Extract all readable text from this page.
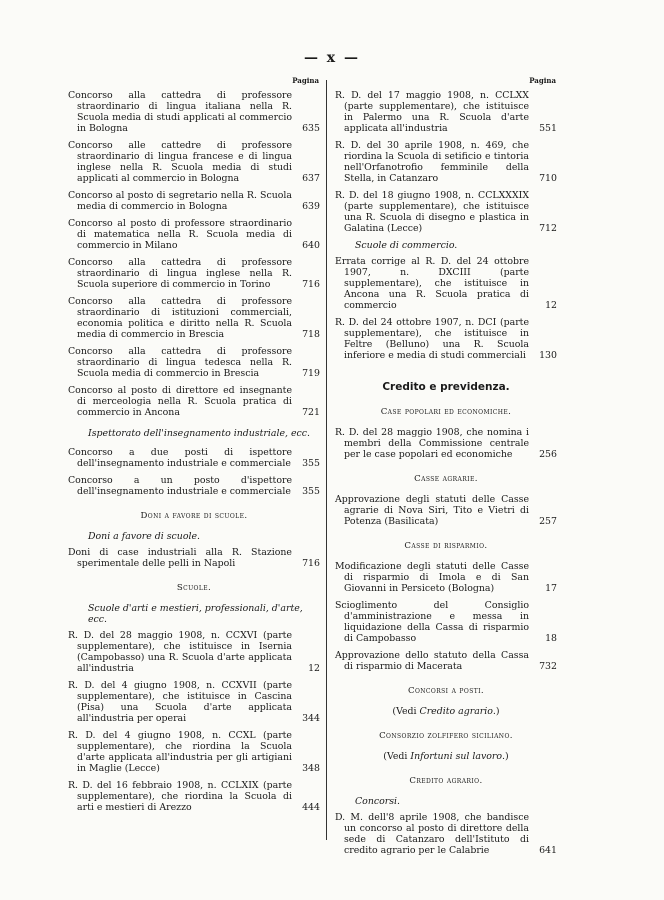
— x —
Pagina
Concorso alla cattedra di professore straordinario di lingua italiana nella R. Scuola media di studi applicati al commercio in Bologna	635
Concorso alle cattedre di professore straordinario di lingua francese e di lingua inglese nella R. Scuola media di studi applicati al commercio in Bologna	637
Concorso al posto di segretario nella R. Scuola media di commercio in Bologna	639
Concorso al posto di professore straordinario di matematica nella R. Scuola media di commercio in Milano	640
Concorso alla cattedra di professore straordinario di lingua inglese nella R. Scuola superiore di commercio in Torino	716
Concorso alla cattedra di professore straordinario di istituzioni commerciali, economia politica e diritto nella R. Scuola media di commercio in Brescia	718
Concorso alla cattedra di professore straordinario di lingua tedesca nella R. Scuola media di commercio in Brescia	719
Concorso al posto di direttore ed insegnante di merceologia nella R. Scuola pratica di commercio in Ancona	721
Ispettorato dell'insegnamento industriale, ecc.
Concorso a due posti di ispettore dell'insegnamento industriale e commerciale	355
Concorso a un posto d'ispettore dell'insegnamento industriale e commerciale	355
Doni a favore di scuole.
Doni a favore di scuole.
Doni di case industriali alla R. Stazione sperimentale delle pelli in Napoli	716
Scuole.
Scuole d'arti e mestieri, professionali, d'arte, ecc.
R. D. del 28 maggio 1908, n. CCXVI (parte supplementare), che istituisce in Isernia (Campobasso) una R. Scuola d'arte applicata all'industria	12
R. D. del 4 giugno 1908, n. CCXVII (parte supplementare), che istituisce in Cascina (Pisa) una Scuola d'arte applicata all'industria per operai	344
R. D. del 4 giugno 1908, n. CCXL (parte supplementare), che riordina la Scuola d'arte applicata all'industria per gli artigiani in Maglie (Lecce)	348
R. D. del 16 febbraio 1908, n. CCLXIX (parte supplementare), che riordina la Scuola di arti e mestieri di Arezzo	444
Pagina
R. D. del 17 maggio 1908, n. CCLXX (parte supplementare), che istituisce in Palermo una R. Scuola d'arte applicata all'industria	551
R. D. del 30 aprile 1908, n. 469, che riordina la Scuola di setificio e tintoria nell'Orfanotrofio femminile della Stella, in Catanzaro	710
R. D. del 18 giugno 1908, n. CCLXXXIX (parte supplementare), che istituisce una R. Scuola di disegno e plastica in Galatina (Lecce)	712
Scuole di commercio.
Errata corrige al R. D. del 24 ottobre 1907, n. DXCIII (parte supplementare), che istituisce in Ancona una R. Scuola pratica di commercio	12
R. D. del 24 ottobre 1907, n. DCI (parte supplementare), che istituisce in Feltre (Belluno) una R. Scuola inferiore e media di studi commerciali	130
Credito e previdenza.
Case popolari ed economiche.
R. D. del 28 maggio 1908, che nomina i membri della Commissione centrale per le case popolari ed economiche	256
Casse agrarie.
Approvazione degli statuti delle Casse agrarie di Nova Siri, Tito e Vietri di Potenza (Basilicata)	257
Casse di risparmio.
Modificazione degli statuti delle Casse di risparmio di Imola e di San Giovanni in Persiceto (Bologna)	17
Scioglimento del Consiglio d'amministrazione e messa in liquidazione della Cassa di risparmio di Campobasso	18
Approvazione dello statuto della Cassa di risparmio di Macerata	732
Concorsi a posti.
(Vedi Credito agrario.)
Consorzio zolfifero siciliano.
(Vedi Infortuni sul lavoro.)
Credito agrario.
Concorsi.
D. M. dell'8 aprile 1908, che bandisce un concorso al posto di direttore della sede di Catanzaro dell'Istituto di credito agrario per le Calabrie	641
